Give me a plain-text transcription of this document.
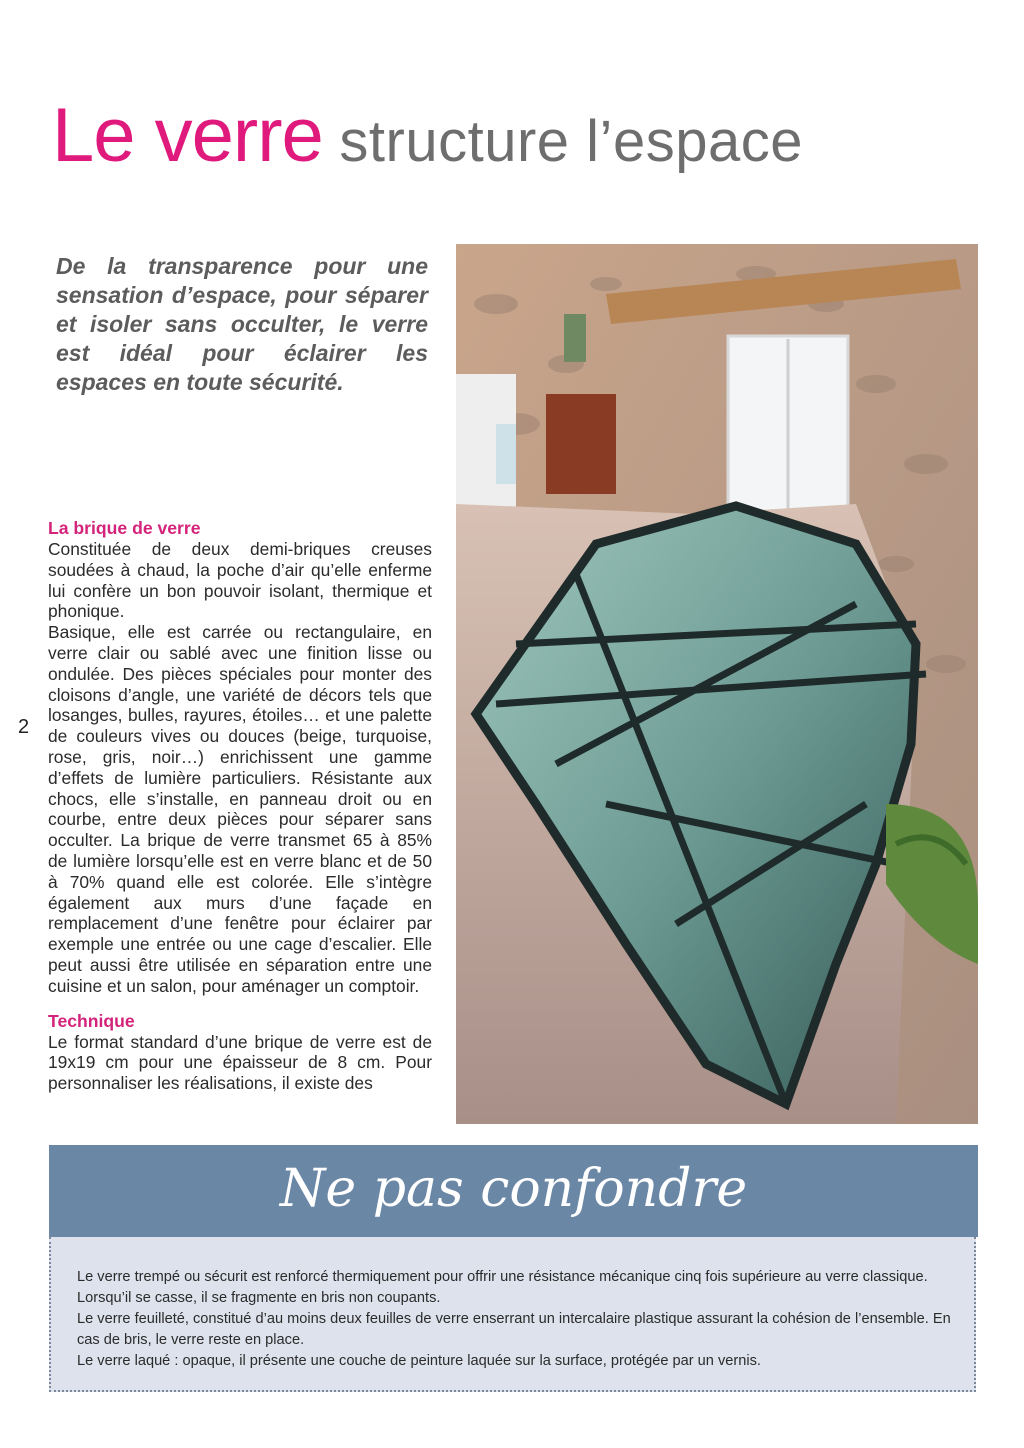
Le verre structure l’espace

De la transparence pour une sensation d’espace, pour séparer et isoler sans occulter, le verre est idéal pour éclairer les espaces en toute sécurité.

2
La brique de verre

Constituée de deux demi-briques creuses soudées à chaud, la poche d’air qu’elle enferme lui confère un bon pouvoir isolant, thermique et phonique.

Basique, elle est carrée ou rectangulaire, en verre clair ou sablé avec une finition lisse ou ondulée. Des pièces spéciales pour monter des cloisons d’angle, une variété de décors tels que losanges, bulles, rayures, étoiles… et une palette de couleurs vives ou douces (beige, turquoise, rose, gris, noir…) enrichissent une gamme d’effets de lumière particuliers. Résistante aux chocs, elle s’installe, en panneau droit ou en courbe, entre deux pièces pour séparer sans occulter. La brique de verre transmet 65 à 85% de lumière lorsqu’elle est en verre blanc et de 50 à 70% quand elle est colorée. Elle s’intègre également aux murs d’une façade en remplacement d’une fenêtre pour éclairer par exemple une entrée ou une cage d’escalier. Elle peut aussi être utilisée en séparation entre une cuisine et un salon, pour aménager un comptoir.

Technique

Le format standard d’une brique de verre est de 19x19 cm pour une épaisseur de 8 cm. Pour personnaliser les réalisations, il existe des

Ne pas confondre

Le verre trempé ou sécurit est renforcé thermiquement pour offrir une résistance mécanique cinq fois supérieure au verre classique. Lorsqu’il se casse, il se fragmente en bris non coupants.

Le verre feuilleté, constitué d’au moins deux feuilles de verre enserrant un intercalaire plastique assurant la cohésion de l’ensemble. En cas de bris, le verre reste en place.

Le verre laqué : opaque, il présente une couche de peinture laquée sur la surface, protégée par un vernis.
